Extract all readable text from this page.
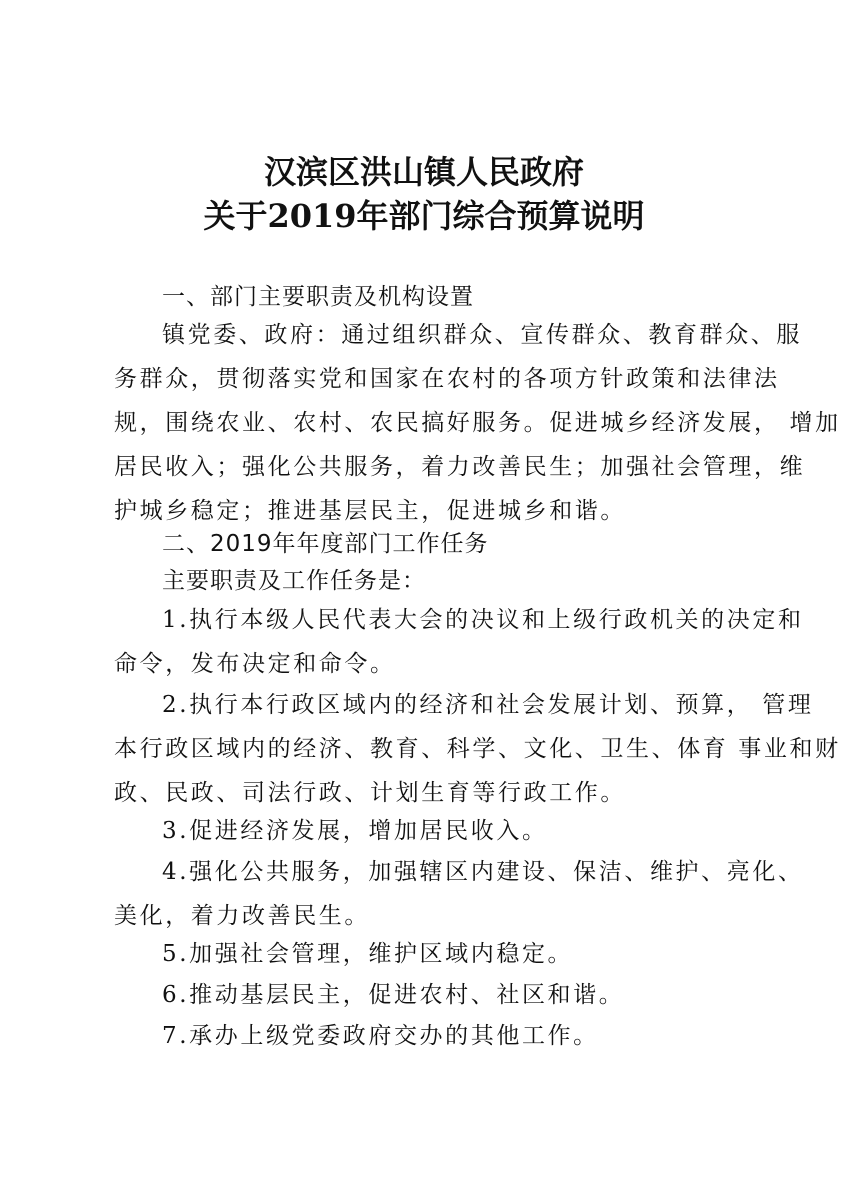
汉滨区洪山镇人民政府
关于2019年部门综合预算说明
一、部门主要职责及机构设置
镇党委、政府：通过组织群众、宣传群众、教育群众、服
务群众，贯彻落实党和国家在农村的各项方针政策和法律法
规，围绕农业、农村、农民搞好服务。促进城乡经济发展， 增加
居民收入；强化公共服务，着力改善民生；加强社会管理，维
护城乡稳定；推进基层民主，促进城乡和谐。
二、2019年年度部门工作任务
主要职责及工作任务是：
1.执行本级人民代表大会的决议和上级行政机关的决定和
命令，发布决定和命令。
2.执行本行政区域内的经济和社会发展计划、预算， 管理
本行政区域内的经济、教育、科学、文化、卫生、体育 事业和财
政、民政、司法行政、计划生育等行政工作。
3.促进经济发展，增加居民收入。
4.强化公共服务，加强辖区内建设、保洁、维护、亮化、
美化，着力改善民生。
5.加强社会管理，维护区域内稳定。
6.推动基层民主，促进农村、社区和谐。
7.承办上级党委政府交办的其他工作。
